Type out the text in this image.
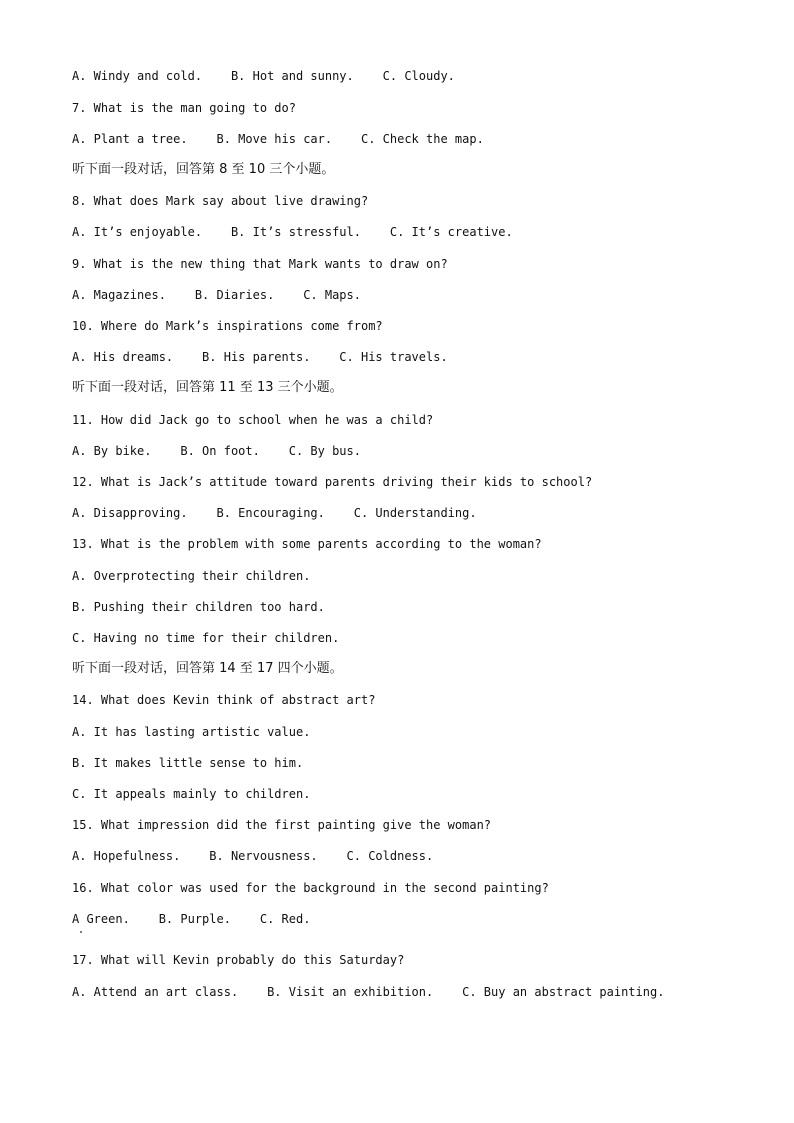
A. Windy and cold.    B. Hot and sunny.    C. Cloudy.
7. What is the man going to do?
A. Plant a tree.    B. Move his car.    C. Check the map.
听下面一段对话，回答第 8 至 10 三个小题。
8. What does Mark say about live drawing?
A. It’s enjoyable.    B. It’s stressful.    C. It’s creative.
9. What is the new thing that Mark wants to draw on?
A. Magazines.    B. Diaries.    C. Maps.
10. Where do Mark’s inspirations come from?
A. His dreams.    B. His parents.    C. His travels.
听下面一段对话，回答第 11 至 13 三个小题。
11. How did Jack go to school when he was a child?
A. By bike.    B. On foot.    C. By bus.
12. What is Jack’s attitude toward parents driving their kids to school?
A. Disapproving.    B. Encouraging.    C. Understanding.
13. What is the problem with some parents according to the woman?
A. Overprotecting their children.
B. Pushing their children too hard.
C. Having no time for their children.
听下面一段对话，回答第 14 至 17 四个小题。
14. What does Kevin think of abstract art?
A. It has lasting artistic value.
B. It makes little sense to him.
C. It appeals mainly to children.
15. What impression did the first painting give the woman?
A. Hopefulness.    B. Nervousness.    C. Coldness.
16. What color was used for the background in the second painting?
A Green.    B. Purple.    C. Red.
17. What will Kevin probably do this Saturday?
A. Attend an art class.    B. Visit an exhibition.    C. Buy an abstract painting.
